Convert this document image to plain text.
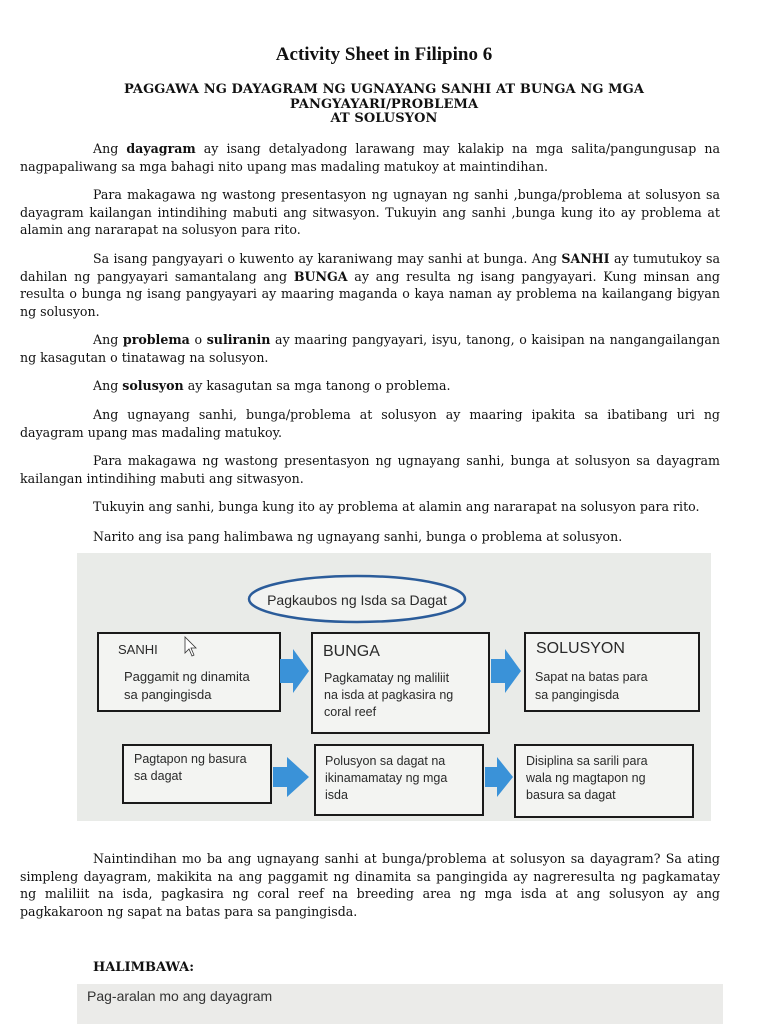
Activity Sheet in Filipino 6
PAGGAWA NG DAYAGRAM NG UGNAYANG SANHI AT BUNGA NG MGA PANGYAYARI/PROBLEMA
AT SOLUSYON

Ang dayagram ay isang detalyadong larawang may kalakip na mga salita/pangungusap na nagpapaliwang sa mga bahagi nito upang mas madaling matukoy at maintindihan.

Para makagawa ng wastong presentasyon ng ugnayan ng sanhi ,bunga/problema at solusyon sa dayagram kailangan intindihing mabuti ang sitwasyon. Tukuyin ang sanhi ,bunga kung ito ay problema at alamin ang nararapat na solusyon para rito.

Sa isang pangyayari o kuwento ay karaniwang may sanhi at bunga. Ang SANHI ay tumutukoy sa dahilan ng pangyayari samantalang ang BUNGA ay ang resulta ng isang pangyayari. Kung minsan ang resulta o bunga ng isang pangyayari ay maaring maganda o kaya naman ay problema na kailangang bigyan ng solusyon.

Ang problema o suliranin ay maaring pangyayari, isyu, tanong, o kaisipan na nangangailangan ng kasagutan o tinatawag na solusyon.

Ang solusyon ay kasagutan sa mga tanong o problema.

Ang ugnayang sanhi, bunga/problema at solusyon ay maaring ipakita sa ibatibang uri ng dayagram upang mas madaling matukoy.

Para makagawa ng wastong presentasyon ng ugnayang sanhi, bunga at solusyon sa dayagram kailangan intindihing mabuti ang sitwasyon.

Tukuyin ang sanhi, bunga kung ito ay problema at alamin ang nararapat na solusyon para rito.

Narito ang isa pang halimbawa ng ugnayang sanhi, bunga o problema at solusyon.

Pagkaubos ng Isda sa Dagat
SANHI
Paggamit ng dinamita
sa pangingisda
BUNGA
Pagkamatay ng maliliit
na isda at pagkasira ng
coral reef
SOLUSYON
Sapat na batas para
sa pangingisda
Pagtapon ng basura
sa dagat
Polusyon sa dagat na
ikinamamatay ng mga
isda
Disiplina sa sarili para
wala ng magtapon ng
basura sa dagat

Naintindihan mo ba ang ugnayang sanhi at bunga/problema at solusyon sa dayagram? Sa ating simpleng dayagram, makikita na ang paggamit ng dinamita sa pangingida ay nagreresulta ng pagkamatay ng maliliit na isda, pagkasira ng coral reef na breeding area ng mga isda at ang solusyon ay ang pagkakaroon ng sapat na batas para sa pangingisda.

HALIMBAWA:
Pag-aralan mo ang dayagram
